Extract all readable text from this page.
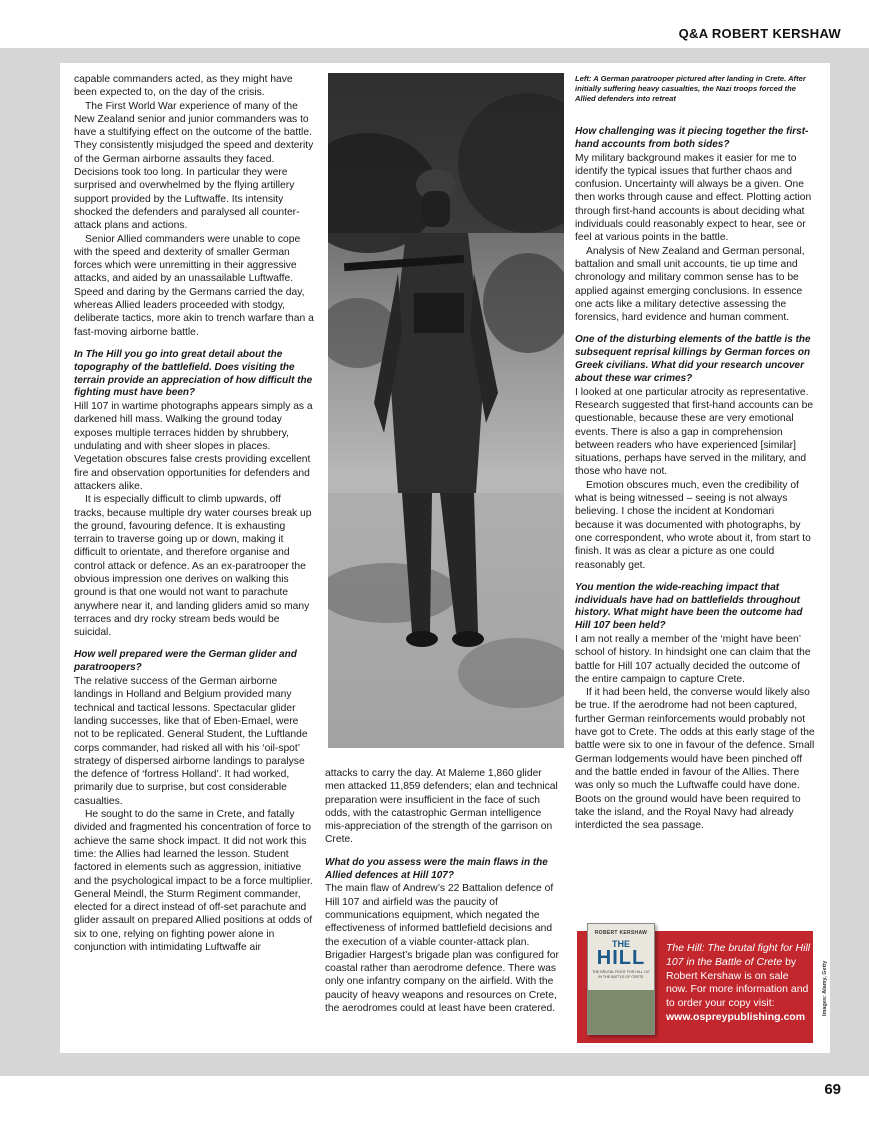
Q&A ROBERT KERSHAW

capable commanders acted, as they might have been expected to, on the day of the crisis.

The First World War experience of many of the New Zealand senior and junior commanders was to have a stultifying effect on the outcome of the battle. They consistently misjudged the speed and dexterity of the German airborne assaults they faced. Decisions took too long. In particular they were surprised and overwhelmed by the flying artillery support provided by the Luftwaffe. Its intensity shocked the defenders and paralysed all counter-attack plans and actions.

Senior Allied commanders were unable to cope with the speed and dexterity of smaller German forces which were unremitting in their aggressive attacks, and aided by an unassailable Luftwaffe. Speed and daring by the Germans carried the day, whereas Allied leaders proceeded with stodgy, deliberate tactics, more akin to trench warfare than a fast-moving airborne battle.

In The Hill you go into great detail about the topography of the battlefield. Does visiting the terrain provide an appreciation of how difficult the fighting must have been?

Hill 107 in wartime photographs appears simply as a darkened hill mass. Walking the ground today exposes multiple terraces hidden by shrubbery, undulating and with sheer slopes in places. Vegetation obscures false crests providing excellent fire and observation opportunities for defenders and attackers alike.

It is especially difficult to climb upwards, off tracks, because multiple dry water courses break up the ground, favouring defence. It is exhausting terrain to traverse going up or down, making it difficult to orientate, and therefore organise and control attack or defence. As an ex-paratrooper the obvious impression one derives on walking this ground is that one would not want to parachute anywhere near it, and landing gliders amid so many terraces and dry rocky stream beds would be suicidal.

How well prepared were the German glider and paratroopers?

The relative success of the German airborne landings in Holland and Belgium provided many technical and tactical lessons. Spectacular glider landing successes, like that of Eben-Emael, were not to be replicated. General Student, the Luftlande corps commander, had risked all with his ‘oil-spot’ strategy of dispersed airborne landings to paralyse the defence of ‘fortress Holland’. It had worked, primarily due to surprise, but cost considerable casualties.

He sought to do the same in Crete, and fatally divided and fragmented his concentration of force to achieve the same shock impact. It did not work this time: the Allies had learned the lesson. Student factored in elements such as aggression, initiative and the psychological impact to be a force multiplier. General Meindl, the Sturm Regiment commander, elected for a direct instead of off-set parachute and glider assault on prepared Allied positions at odds of six to one, relying on fighting power alone in conjunction with intimidating Luftwaffe air

Left: A German paratrooper pictured after landing in Crete. After initially suffering heavy casualties, the Nazi troops forced the Allied defenders into retreat

attacks to carry the day. At Maleme 1,860 glider men attacked 11,859 defenders; elan and technical preparation were insufficient in the face of such odds, with the catastrophic German intelligence mis-appreciation of the strength of the garrison on Crete.

What do you assess were the main flaws in the Allied defences at Hill 107?

The main flaw of Andrew’s 22 Battalion defence of Hill 107 and airfield was the paucity of communications equipment, which negated the effectiveness of informed battlefield decisions and the execution of a viable counter-attack plan. Brigadier Hargest’s brigade plan was configured for coastal rather than aerodrome defence. There was only one infantry company on the airfield. With the paucity of heavy weapons and resources on Crete, the aerodromes could at least have been cratered.

How challenging was it piecing together the first-hand accounts from both sides?

My military background makes it easier for me to identify the typical issues that further chaos and confusion. Uncertainty will always be a given. One then works through cause and effect. Plotting action through first-hand accounts is about deciding what individuals could reasonably expect to hear, see or feel at various points in the battle.

Analysis of New Zealand and German personal, battalion and small unit accounts, tie up time and chronology and military common sense has to be applied against emerging conclusions. In essence one acts like a military detective assessing the forensics, hard evidence and human comment.

One of the disturbing elements of the battle is the subsequent reprisal killings by German forces on Greek civilians. What did your research uncover about these war crimes?

I looked at one particular atrocity as representative. Research suggested that first-hand accounts can be questionable, because these are very emotional events. There is also a gap in comprehension between readers who have experienced [similar] situations, perhaps have served in the military, and those who have not.

Emotion obscures much, even the credibility of what is being witnessed – seeing is not always believing. I chose the incident at Kondomari because it was documented with photographs, by one correspondent, who wrote about it, from start to finish. It was as clear a picture as one could reasonably get.

You mention the wide-reaching impact that individuals have had on battlefields throughout history. What might have been the outcome had Hill 107 been held?

I am not really a member of the ‘might have been’ school of history. In hindsight one can claim that the battle for Hill 107 actually decided the outcome of the entire campaign to capture Crete.

If it had been held, the converse would likely also be true. If the aerodrome had not been captured, further German reinforcements would probably not have got to Crete. The odds at this early stage of the battle were six to one in favour of the defence. Small German lodgements would have been pinched off and the battle ended in favour of the Allies. There was only so much the Luftwaffe could have done. Boots on the ground would have been required to take the island, and the Royal Navy had already interdicted the sea passage.

ROBERT KERSHAW
THE
HILL
THE BRUTAL FIGHT FOR HILL 107 IN THE BATTLE OF CRETE
The Hill: The brutal fight for Hill 107 in the Battle of Crete by Robert Kershaw is on sale now. For more information and to order your copy visit: www.ospreypublishing.com
Images: Alamy, Getty
69
